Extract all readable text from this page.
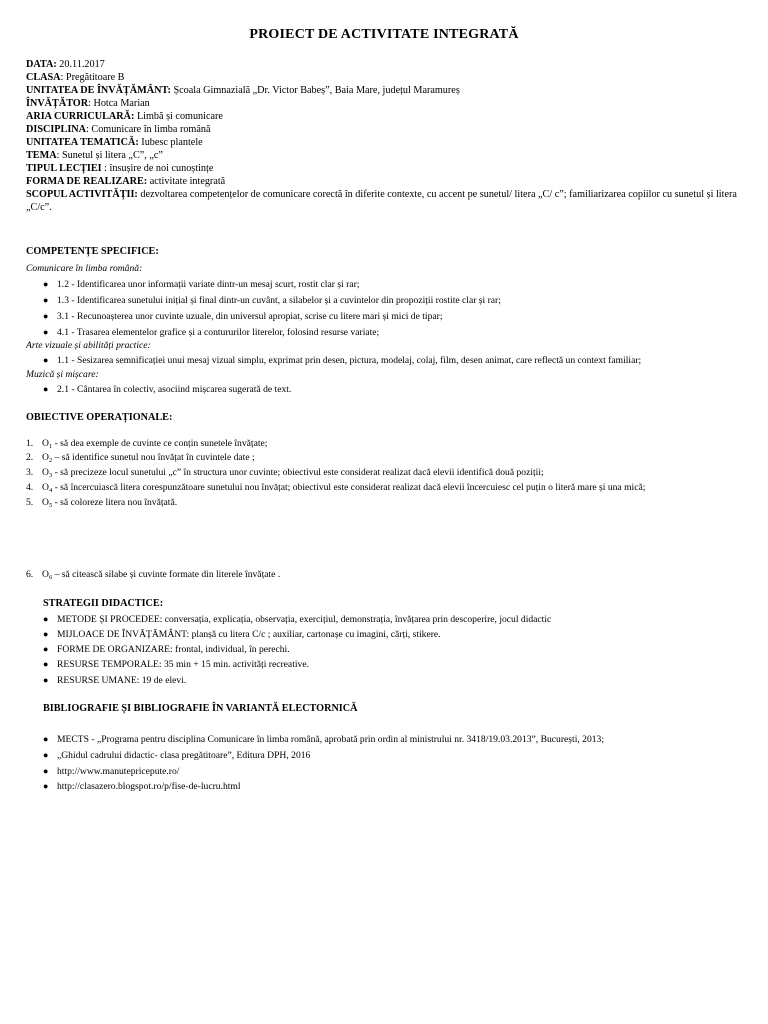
PROIECT DE ACTIVITATE INTEGRATĂ
DATA: 20.11.2017
CLASA: Pregătitoare B
UNITATEA DE ÎNVĂȚĂMÂNT: Școala Gimnazială „Dr. Victor Babeș”, Baia Mare, județul Maramureș
ÎNVĂȚĂTOR: Hotca Marian
ARIA CURRICULARĂ: Limbă și comunicare
DISCIPLINA: Comunicare în limba română
UNITATEA TEMATICĂ: Iubesc plantele
TEMA: Sunetul și litera „C”, „c”
TIPUL LECȚIEI : însușire de noi cunoștințe
FORMA DE REALIZARE: activitate integrată
SCOPUL ACTIVITĂȚII: dezvoltarea competențelor de comunicare corectă în diferite contexte, cu accent pe sunetul/ litera „C/ c”; familiarizarea copiilor cu sunetul și litera „C/c”.
COMPETENȚE SPECIFICE:
Comunicare în limba română:
● 1.2 - Identificarea unor informații variate dintr-un mesaj scurt, rostit clar și rar;
● 1.3 - Identificarea sunetului inițial și final dintr-un cuvânt, a silabelor și a cuvintelor din propoziții rostite clar și rar;
● 3.1 - Recunoașterea unor cuvinte uzuale, din universul apropiat, scrise cu litere mari și mici de tipar;
● 4.1 - Trasarea elementelor grafice și a contururilor literelor, folosind resurse variate;
Arte vizuale și abilități practice:
● 1.1 - Sesizarea semnificației unui mesaj vizual simplu, exprimat prin desen, pictura, modelaj, colaj, film, desen animat, care reflectă un context familiar;
Muzică și mișcare:
● 2.1 - Cântarea în colectiv, asociind mișcarea sugerată de text.
OBIECTIVE OPERAȚIONALE:
1. $O_1$ - să dea exemple de cuvinte ce conțin sunetele învățate;
2. $O_2$ – să identifice sunetul nou învățat în cuvintele date ;
3. $O_3$ - să precizeze locul sunetului „c” în structura unor cuvinte; obiectivul este considerat realizat dacă elevii identifică două poziții;
4. $O_4$ - să încercuiască litera corespunzătoare sunetului nou învățat; obiectivul este considerat realizat dacă elevii încercuiesc cel puțin o literă mare și una mică;
5. $O_5$ - să coloreze litera nou învățată.
6. $O_6$ – să citească silabe și cuvinte formate din literele învățate .
STRATEGII DIDACTICE:
● METODE ȘI PROCEDEE: conversația, explicația, observația, exercițiul, demonstrația, învățarea prin descoperire, jocul didactic
● MIJLOACE DE ÎNVĂȚĂMÂNT: planșă cu litera C/c ; auxiliar, cartonașe cu imagini, cărți, stikere.
● FORME DE ORGANIZARE: frontal, individual, în perechi.
● RESURSE TEMPORALE: 35 min + 15 min. activități recreative.
● RESURSE UMANE: 19 de elevi.
BIBLIOGRAFIE ȘI BIBLIOGRAFIE ÎN VARIANTĂ ELECTORNICĂ
● MECTS - „Programa pentru disciplina Comunicare în limba română, aprobată prin ordin al ministrului nr. 3418/19.03.2013”, București, 2013;
● „Ghidul cadrului didactic- clasa pregătitoare”, Editura DPH, 2016
● http://www.manutepricepute.ro/
● http://clasazero.blogspot.ro/p/fise-de-lucru.html
